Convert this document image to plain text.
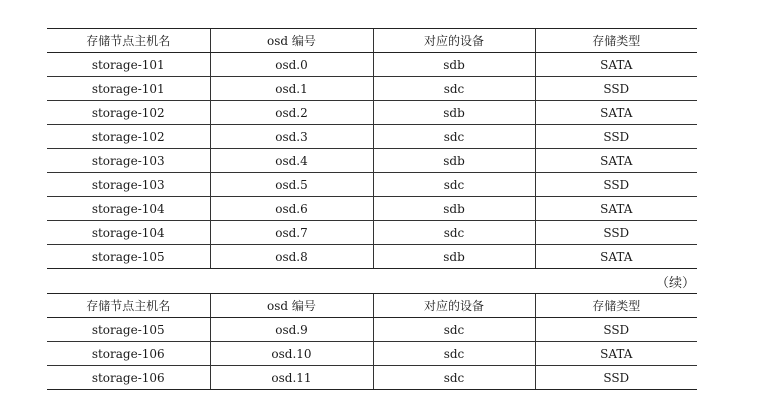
存储节点主机名	osd 编号	对应的设备	存储类型
storage-101	osd.0	sdb	SATA
storage-101	osd.1	sdc	SSD
storage-102	osd.2	sdb	SATA
storage-102	osd.3	sdc	SSD
storage-103	osd.4	sdb	SATA
storage-103	osd.5	sdc	SSD
storage-104	osd.6	sdb	SATA
storage-104	osd.7	sdc	SSD
storage-105	osd.8	sdb	SATA
（续）
存储节点主机名	osd 编号	对应的设备	存储类型
storage-105	osd.9	sdc	SSD
storage-106	osd.10	sdc	SATA
storage-106	osd.11	sdc	SSD
